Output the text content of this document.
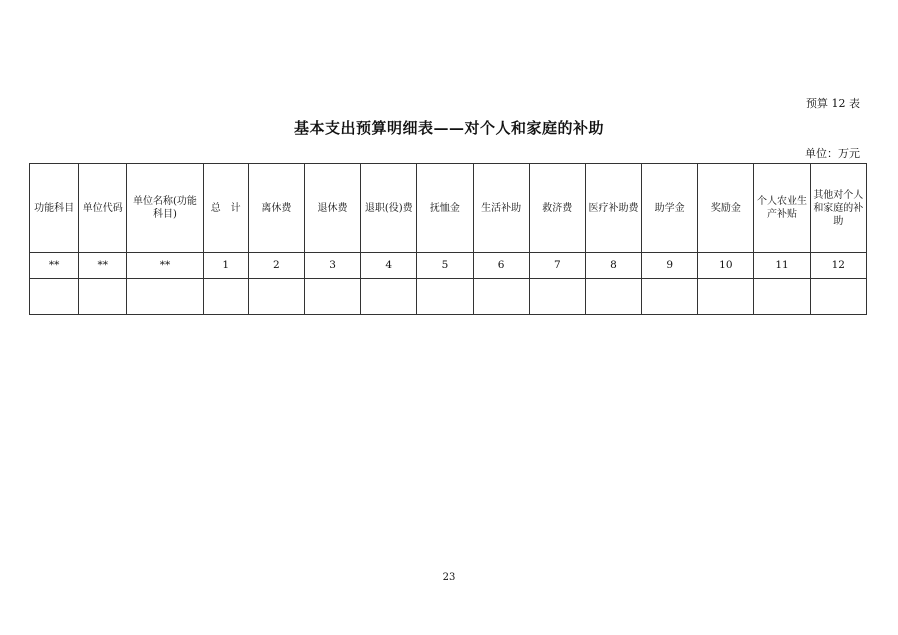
预算 12 表
基本支出预算明细表——对个人和家庭的补助
单位：万元
功能科目	单位代码	单位名称(功能科目)	总　计	离休费	退休费	退职(役)费	抚恤金	生活补助	救济费	医疗补助费	助学金	奖励金	个人农业生产补贴	其他对个人和家庭的补助
**	**	**	1	2	3	4	5	6	7	8	9	10	11	12

23
